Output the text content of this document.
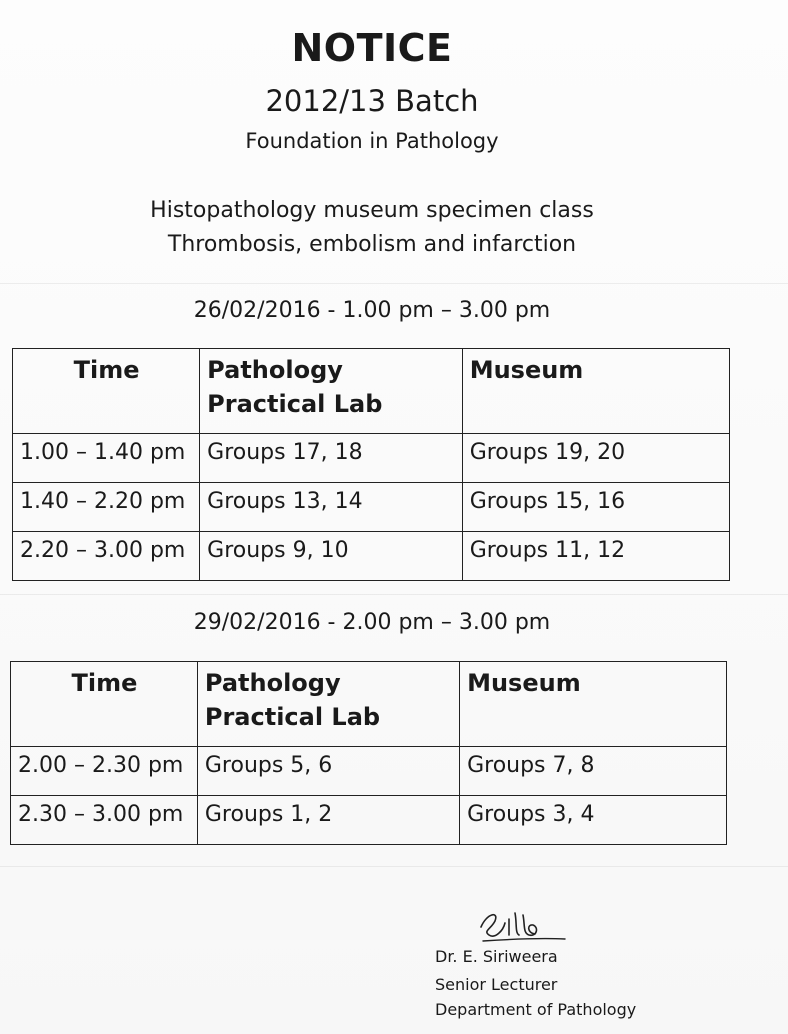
NOTICE
2012/13 Batch
Foundation in Pathology
Histopathology museum specimen class
Thrombosis, embolism and infarction
26/02/2016 - 1.00 pm – 3.00 pm
Time	Pathology Practical Lab	Museum
1.00 – 1.40 pm	Groups 17, 18	Groups 19, 20
1.40 – 2.20 pm	Groups 13, 14	Groups 15, 16
2.20 – 3.00 pm	Groups 9, 10	Groups 11, 12
29/02/2016 - 2.00 pm – 3.00 pm
Time	Pathology Practical Lab	Museum
2.00 – 2.30 pm	Groups 5, 6	Groups 7, 8
2.30 – 3.00 pm	Groups 1, 2	Groups 3, 4
Dr. E. Siriweera
Senior Lecturer
Department of Pathology
